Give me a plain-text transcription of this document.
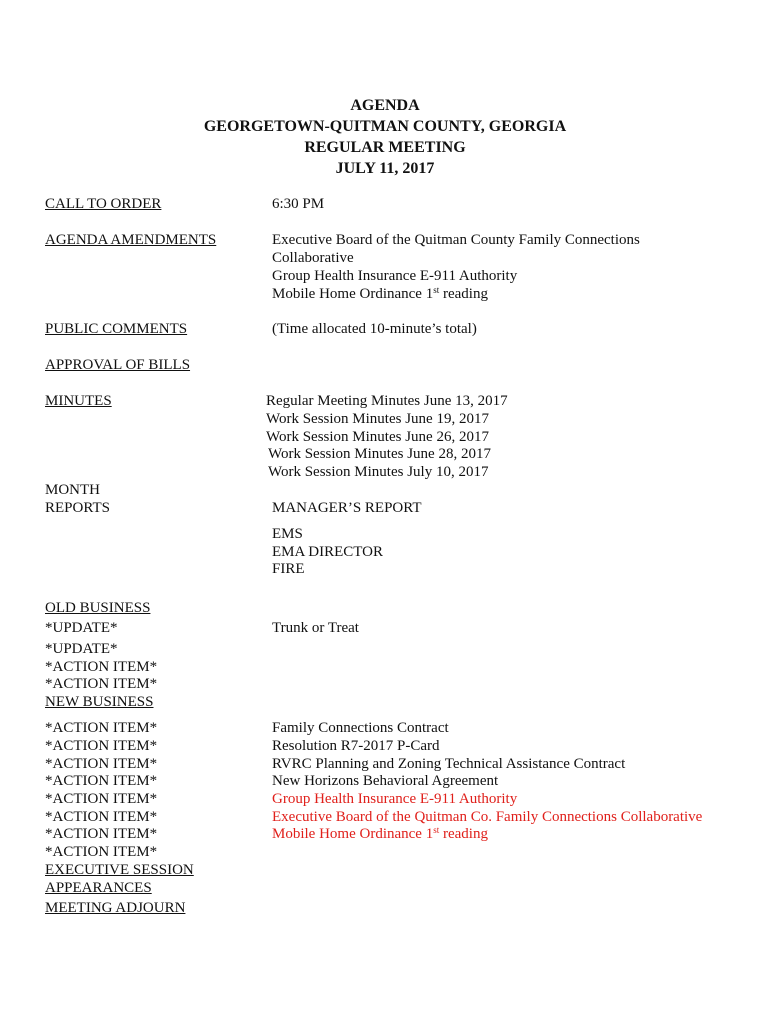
AGENDA
GEORGETOWN-QUITMAN COUNTY, GEORGIA
REGULAR MEETING
JULY 11, 2017
CALL TO ORDER	6:30 PM
AGENDA AMENDMENTS	Executive Board of the Quitman County Family Connections
Collaborative
Group Health Insurance E-911 Authority
Mobile Home Ordinance 1st reading
PUBLIC COMMENTS	(Time allocated 10-minute’s total)
APPROVAL OF BILLS
MINUTES	Regular Meeting Minutes June 13, 2017
Work Session Minutes June 19, 2017
Work Session Minutes June 26, 2017
Work Session Minutes June 28, 2017
Work Session Minutes July 10, 2017
MONTH
REPORTS	MANAGER’S REPORT
EMS
EMA DIRECTOR
FIRE
OLD BUSINESS
*UPDATE*	Trunk or Treat
*UPDATE*
*ACTION ITEM*
*ACTION ITEM*
NEW BUSINESS
*ACTION ITEM*	Family Connections Contract
*ACTION ITEM*	Resolution R7-2017 P-Card
*ACTION ITEM*	RVRC Planning and Zoning Technical Assistance Contract
*ACTION ITEM*	New Horizons Behavioral Agreement
*ACTION ITEM*	Group Health Insurance E-911 Authority
*ACTION ITEM*	Executive Board of the Quitman Co. Family Connections Collaborative
*ACTION ITEM*	Mobile Home Ordinance 1st reading
*ACTION ITEM*
EXECUTIVE SESSION
APPEARANCES
MEETING ADJOURN
